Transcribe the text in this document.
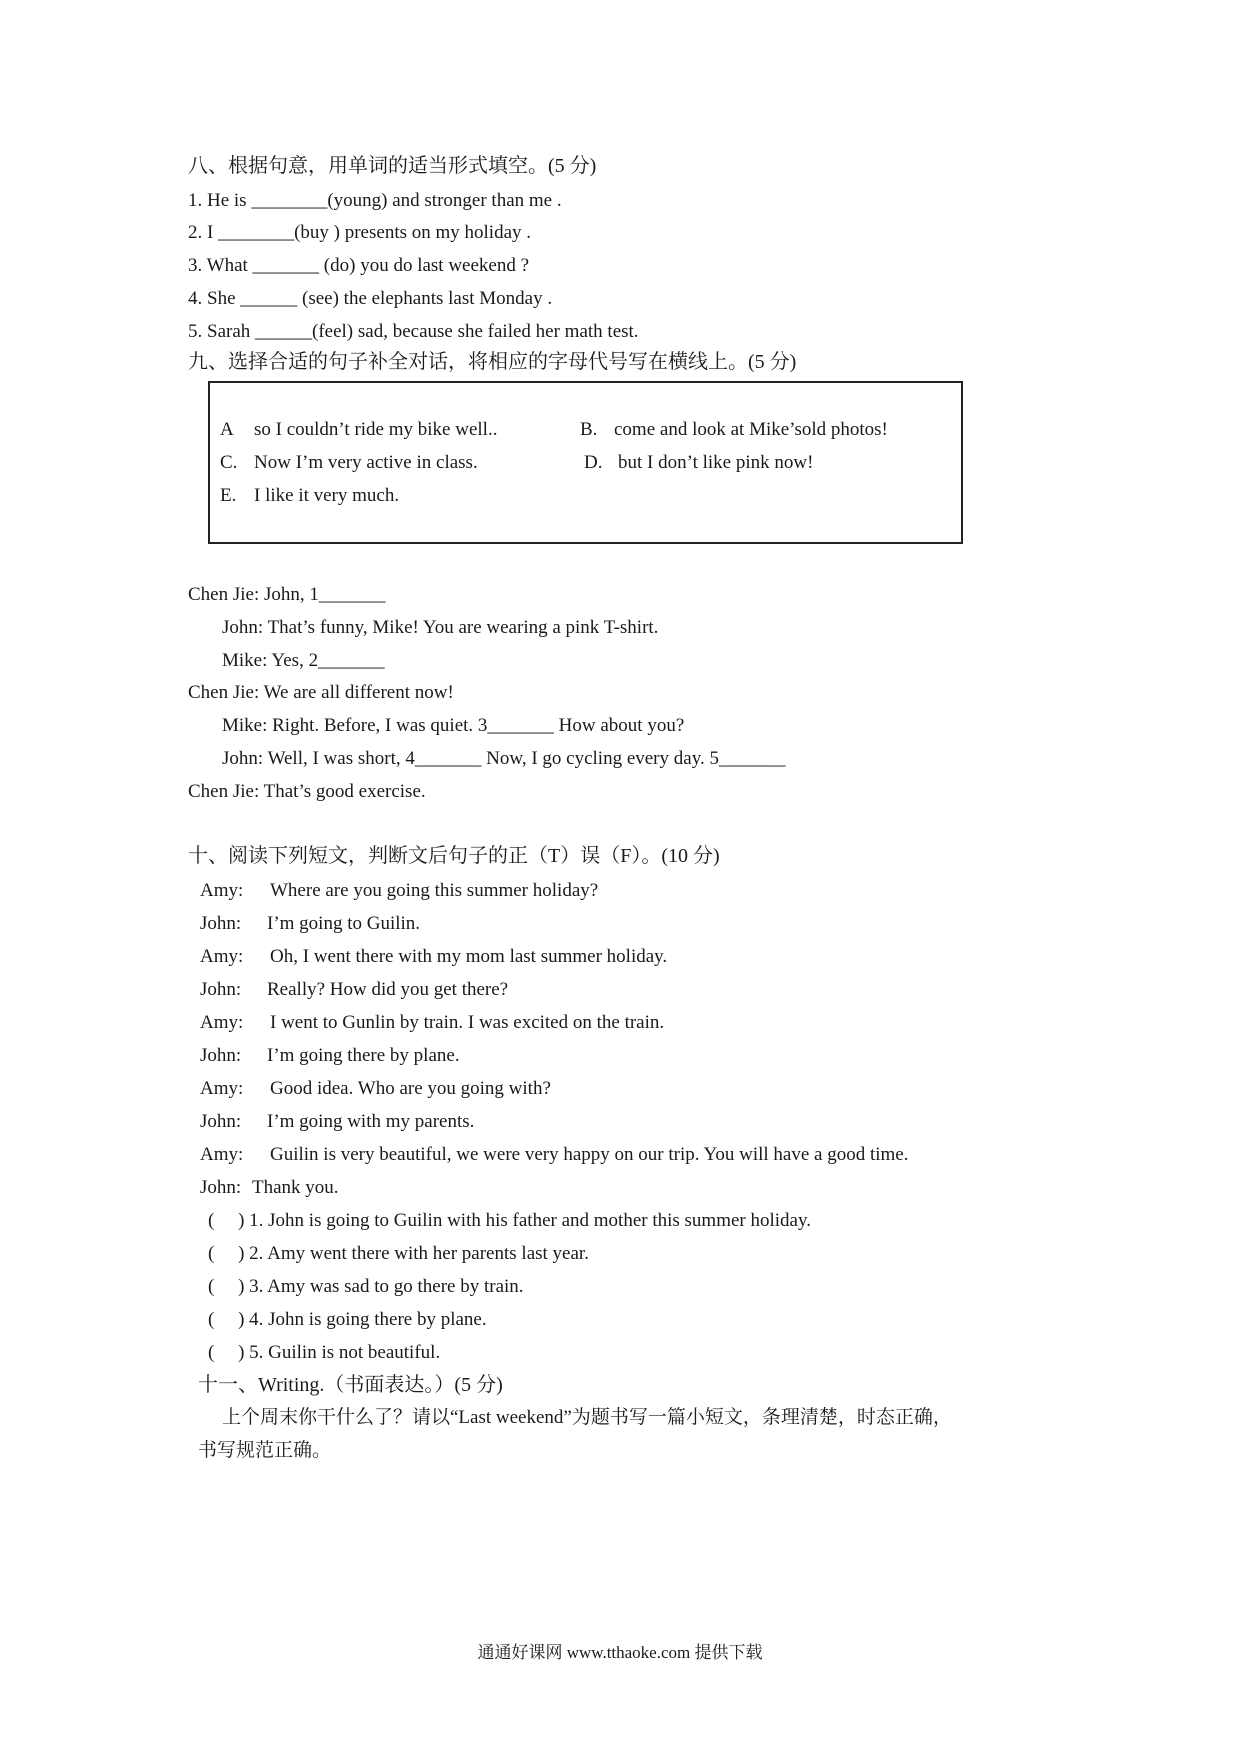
八、根据句意，用单词的适当形式填空。(5 分)
1. He is ________(young) and stronger than me .
2. I ________(buy ) presents on my holiday .
3. What _______ (do) you do last weekend ?
4. She ______ (see) the elephants last Monday .
5. Sarah ______(feel) sad, because she failed her math test.
九、选择合适的句子补全对话，将相应的字母代号写在横线上。(5 分)
A so I couldn’t ride my bike well..	B. come and look at Mike’sold photos!
C. Now I’m very active in class.	D. but I don’t like pink now!
E. I like it very much.
Chen Jie: John, 1_______
John: That’s funny, Mike! You are wearing a pink T-shirt.
Mike: Yes, 2_______
Chen Jie: We are all different now!
Mike: Right. Before, I was quiet. 3_______ How about you?
John: Well, I was short, 4_______ Now, I go cycling every day. 5_______
Chen Jie: That’s good exercise.
十、阅读下列短文，判断文后句子的正（T）误（F）。(10 分)
Amy: Where are you going this summer holiday?
John: I’m going to Guilin.
Amy: Oh, I went there with my mom last summer holiday.
John: Really? How did you get there?
Amy: I went to Gunlin by train. I was excited on the train.
John: I’m going there by plane.
Amy: Good idea. Who are you going with?
John: I’m going with my parents.
Amy: Guilin is very beautiful, we were very happy on our trip. You will have a good time.
John: Thank you.
(     ) 1. John is going to Guilin with his father and mother this summer holiday.
(     ) 2. Amy went there with her parents last year.
(     ) 3. Amy was sad to go there by train.
(     ) 4. John is going there by plane.
(     ) 5. Guilin is not beautiful.
十一、Writing.（书面表达。）(5 分)
上个周末你干什么了？请以“Last weekend”为题书写一篇小短文，条理清楚，时态正确，
书写规范正确。
通通好课网 www.tthaoke.com 提供下载
